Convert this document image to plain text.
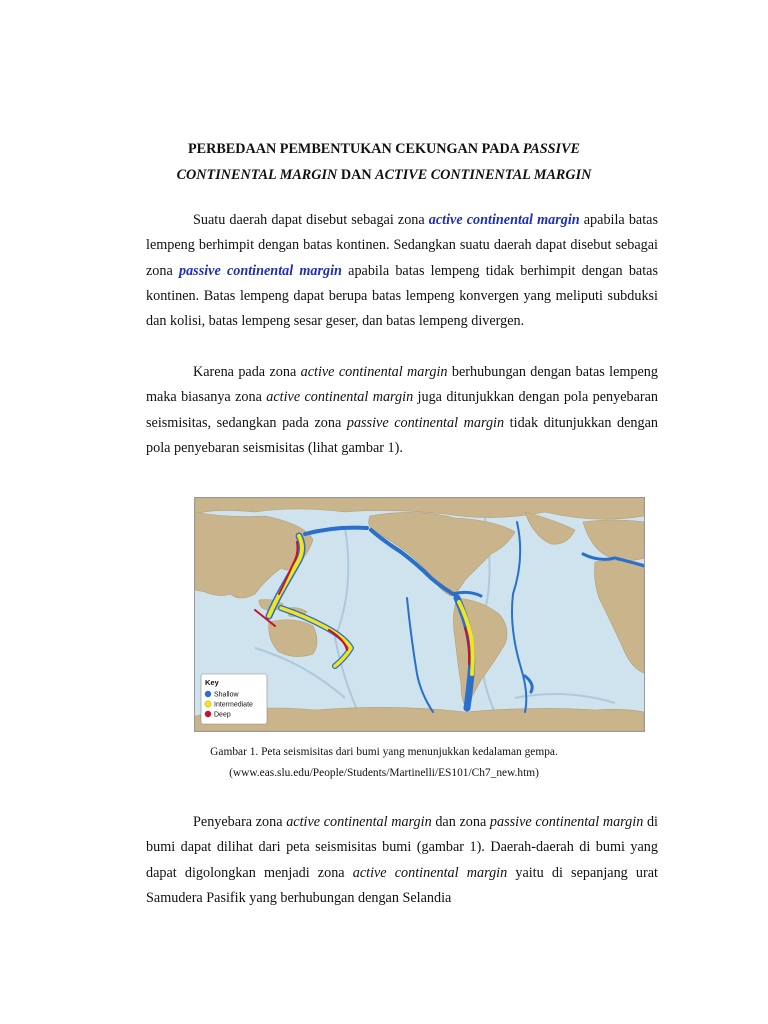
PERBEDAAN PEMBENTUKAN CEKUNGAN PADA PASSIVE
CONTINENTAL MARGIN DAN ACTIVE CONTINENTAL MARGIN

Suatu daerah dapat disebut sebagai zona active continental margin apabila batas lempeng berhimpit dengan batas kontinen. Sedangkan suatu daerah dapat disebut sebagai zona passive continental margin apabila batas lempeng tidak berhimpit dengan batas kontinen. Batas lempeng dapat berupa batas lempeng konvergen yang meliputi subduksi dan kolisi, batas lempeng sesar geser, dan batas lempeng divergen.

Karena pada zona active continental margin berhubungan dengan batas lempeng maka biasanya zona active continental margin juga ditunjukkan dengan pola penyebaran seismisitas, sedangkan pada zona passive continental margin tidak ditunjukkan dengan pola penyebaran seismisitas (lihat gambar 1).

Key
Shallow
Intermediate
Deep

Gambar 1. Peta seismisitas dari bumi yang menunjukkan kedalaman gempa.

(www.eas.slu.edu/People/Students/Martinelli/ES101/Ch7_new.htm)

Penyebara zona active continental margin dan zona passive continental margin di bumi dapat dilihat dari peta seismisitas bumi (gambar 1). Daerah-daerah di bumi yang dapat digolongkan menjadi zona active continental margin yaitu di sepanjang urat Samudera Pasifik yang berhubungan dengan Selandia
